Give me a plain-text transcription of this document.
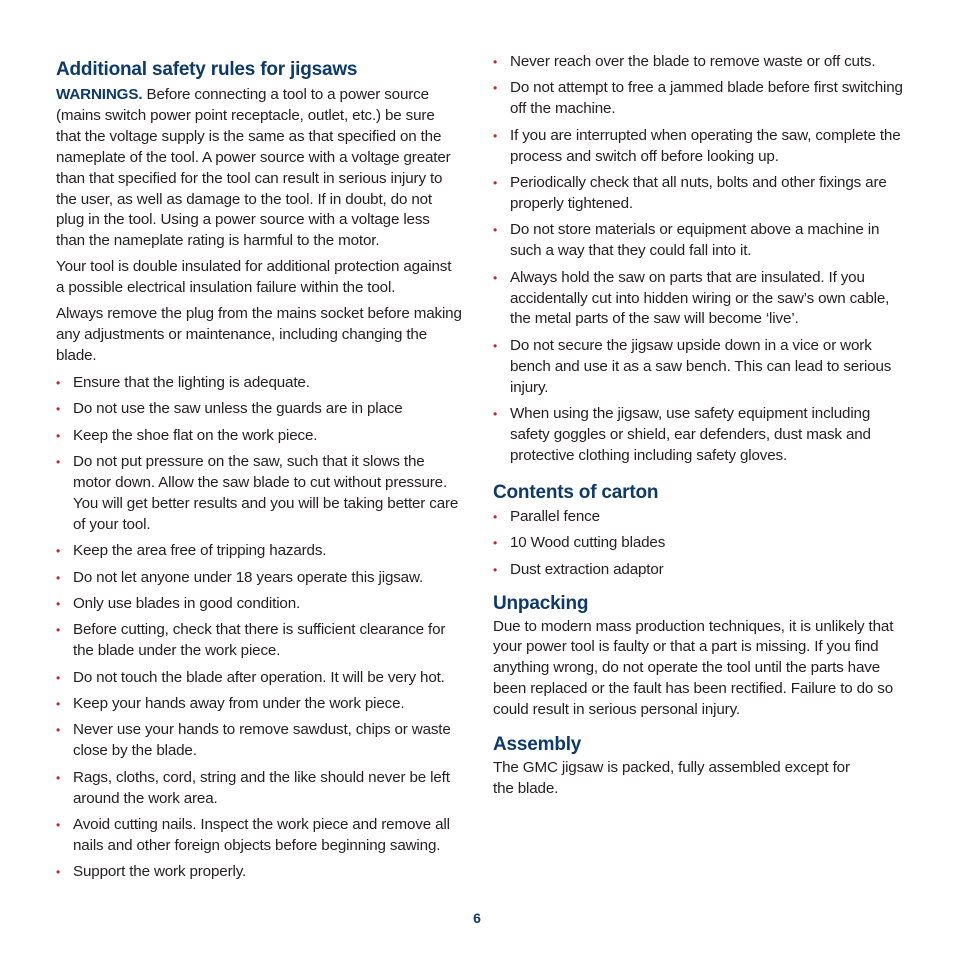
Additional safety rules for jigsaws

WARNINGS. Before connecting a tool to a power source (mains switch power point receptacle, outlet, etc.) be sure that the voltage supply is the same as that specified on the nameplate of the tool. A power source with a voltage greater than that specified for the tool can result in serious injury to the user, as well as damage to the tool. If in doubt, do not plug in the tool. Using a power source with a voltage less than the nameplate rating is harmful to the motor.

Your tool is double insulated for additional protection against a possible electrical insulation failure within the tool.

Always remove the plug from the mains socket before making any adjustments or maintenance, including changing the blade.

• Ensure that the lighting is adequate.
• Do not use the saw unless the guards are in place
• Keep the shoe flat on the work piece.
• Do not put pressure on the saw, such that it slows the motor down. Allow the saw blade to cut without pressure. You will get better results and you will be taking better care of your tool.
• Keep the area free of tripping hazards.
• Do not let anyone under 18 years operate this jigsaw.
• Only use blades in good condition.
• Before cutting, check that there is sufficient clearance for the blade under the work piece.
• Do not touch the blade after operation. It will be very hot.
• Keep your hands away from under the work piece.
• Never use your hands to remove sawdust, chips or waste close by the blade.
• Rags, cloths, cord, string and the like should never be left around the work area.
• Avoid cutting nails. Inspect the work piece and remove all nails and other foreign objects before beginning sawing.
• Support the work properly.
• Never reach over the blade to remove waste or off cuts.
• Do not attempt to free a jammed blade before first switching off the machine.
• If you are interrupted when operating the saw, complete the process and switch off before looking up.
• Periodically check that all nuts, bolts and other fixings are properly tightened.
• Do not store materials or equipment above a machine in such a way that they could fall into it.
• Always hold the saw on parts that are insulated. If you accidentally cut into hidden wiring or the saw’s own cable, the metal parts of the saw will become ‘live’.
• Do not secure the jigsaw upside down in a vice or work bench and use it as a saw bench. This can lead to serious injury.
• When using the jigsaw, use safety equipment including safety goggles or shield, ear defenders, dust mask and protective clothing including safety gloves.
Contents of carton
• Parallel fence
• 10 Wood cutting blades
• Dust extraction adaptor
Unpacking

Due to modern mass production techniques, it is unlikely that your power tool is faulty or that a part is missing. If you find anything wrong, do not operate the tool until the parts have been replaced or the fault has been rectified. Failure to do so could result in serious personal injury.

Assembly

The GMC jigsaw is packed, fully assembled except for the blade.

6
